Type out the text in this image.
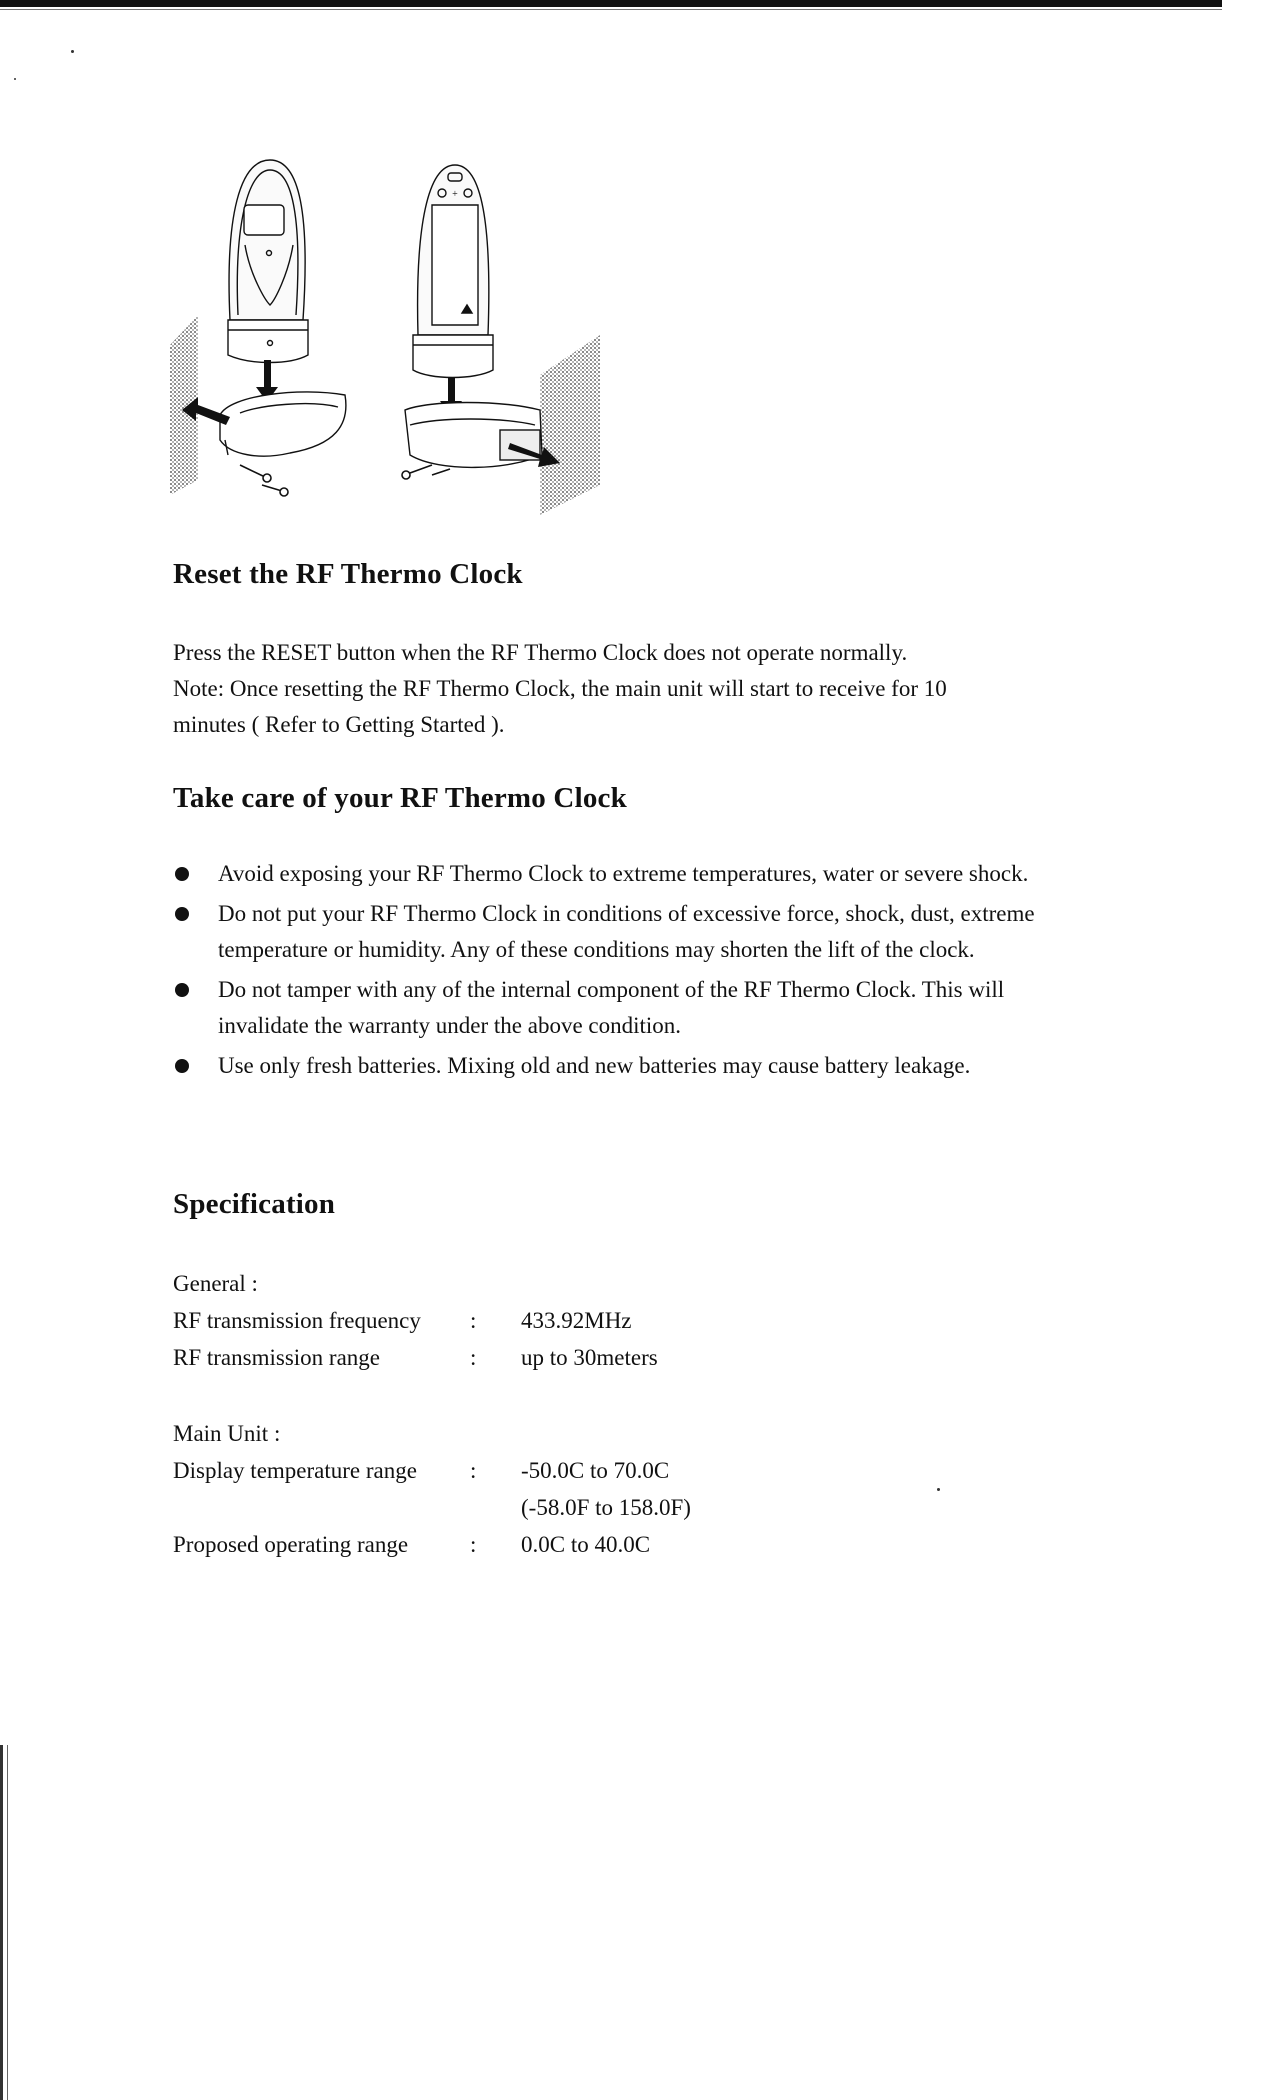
+
Reset the RF Thermo Clock
Press the RESET button when the RF Thermo Clock does not operate normally.
Note: Once resetting the RF Thermo Clock, the main unit will start to receive for 10
minutes ( Refer to Getting Started ).
Take care of your RF Thermo Clock
Avoid exposing your RF Thermo Clock to extreme temperatures, water or severe shock.
Do not put your RF Thermo Clock in conditions of excessive force, shock, dust, extreme temperature or humidity. Any of these conditions may shorten the lift of the clock.
Do not tamper with any of the internal component of the RF Thermo Clock. This will invalidate the warranty under the above condition.
Use only fresh batteries. Mixing old and new batteries may cause battery leakage.
Specification
General :
RF transmission frequency : 433.92MHz
RF transmission range	: up to 30meters
Main Unit :
Display temperature range : -50.0C to 70.0C
(-58.0F to 158.0F)
Proposed operating range	: 0.0C to 40.0C
